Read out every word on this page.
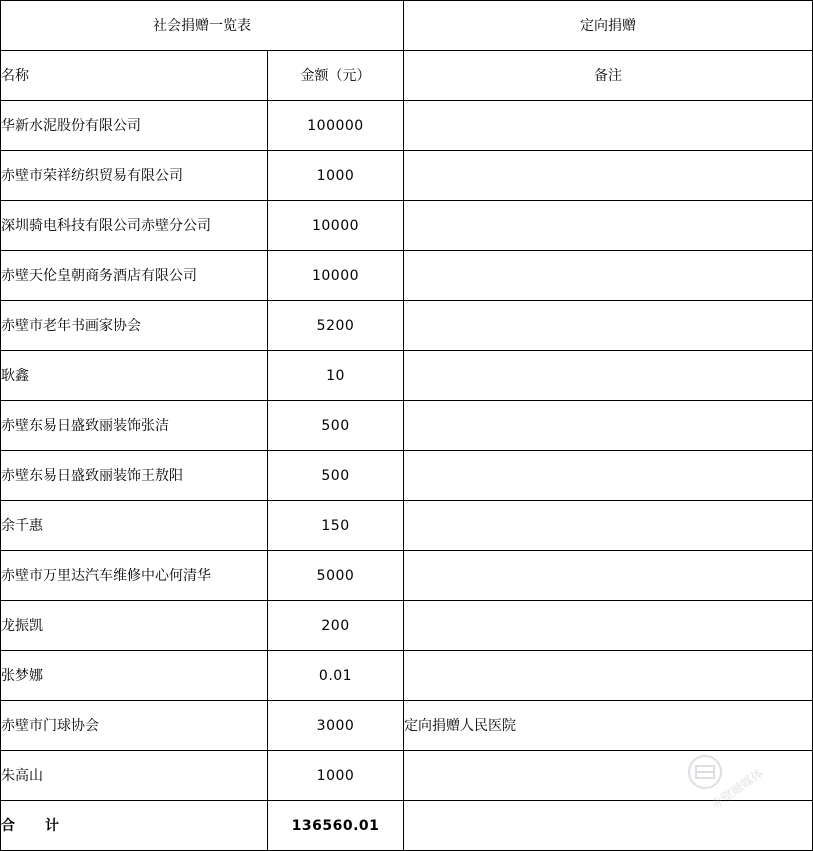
社会捐赠一览表		定向捐赠
名称	金额（元）	备注
华新水泥股份有限公司	100000	
赤壁市荣祥纺织贸易有限公司	1000	
深圳骑电科技有限公司赤壁分公司	10000	
赤壁天伦皇朝商务酒店有限公司	10000	
赤壁市老年书画家协会	5200	
耿鑫	10	
赤壁东易日盛致丽装饰张洁	500	
赤壁东易日盛致丽装饰王敖阳	500	
余千惠	150	
赤壁市万里达汽车维修中心何清华	5000	
龙振凯	200	
张梦娜	0.01	
赤壁市门球协会	3000	定向捐赠人民医院
朱高山	1000	
合 计	136560.01	
赤壁融媒体
